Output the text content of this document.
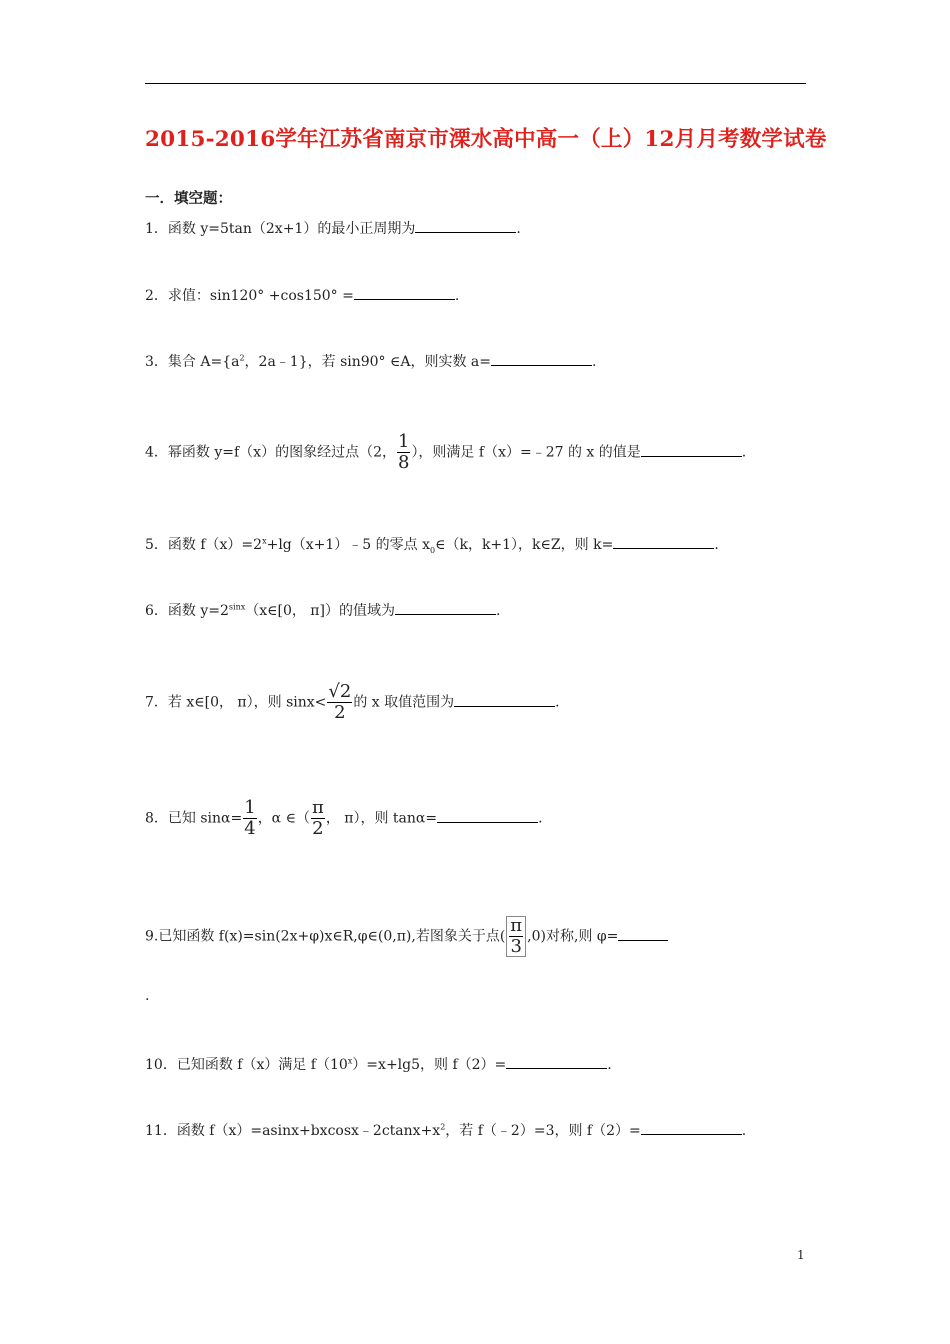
2015-2016学年江苏省南京市溧水高中高一（上）12月月考数学试卷
一．填空题：
1．函数 y=5tan（2x+1）的最小正周期为	.
2．求值：sin120° +cos150° =	.
3．集合 $A=\{a^2$，2a﹣1}，若 sin90° ∈A，则实数 a=	.
4．幂函数 y=f（x）的图象经过点（2， $\frac{1}{8}$ ），则满足 f（x）=﹣27 的 x 的值是	.
5．函数 $f(x)=2^x+\lg(x+1)﹣5$ 的零点 $x_0\in(k$，k+1），k∈Z，则 k=	.
6．函数 $y=2^{sinx}(x\in[0$， π]）的值域为	.
7．若 x∈[0， π），则 $\sin x< \frac{√2}{2}$ 的 x 取值范围为	.
8．已知 $\sin\alpha= \frac{1}{4}$ ，α ∈（ $\frac{\pi}{2}$ ， π），则 tanα=	.
9.已知函数 f(x)=sin(2x+φ)x∈R,φ∈(0,π),若图象关于点( $\frac{\pi}{3} ,0$)对称,则 φ=
.
10．已知函数 f（x）满足 $f(10^x)=x+\lg 5$，则 f（2）=	.
11．函数 $f(x)=asinx+bxcosx﹣2ctanx+x^2$，若 f（﹣2）=3，则 f（2）=	.
1
